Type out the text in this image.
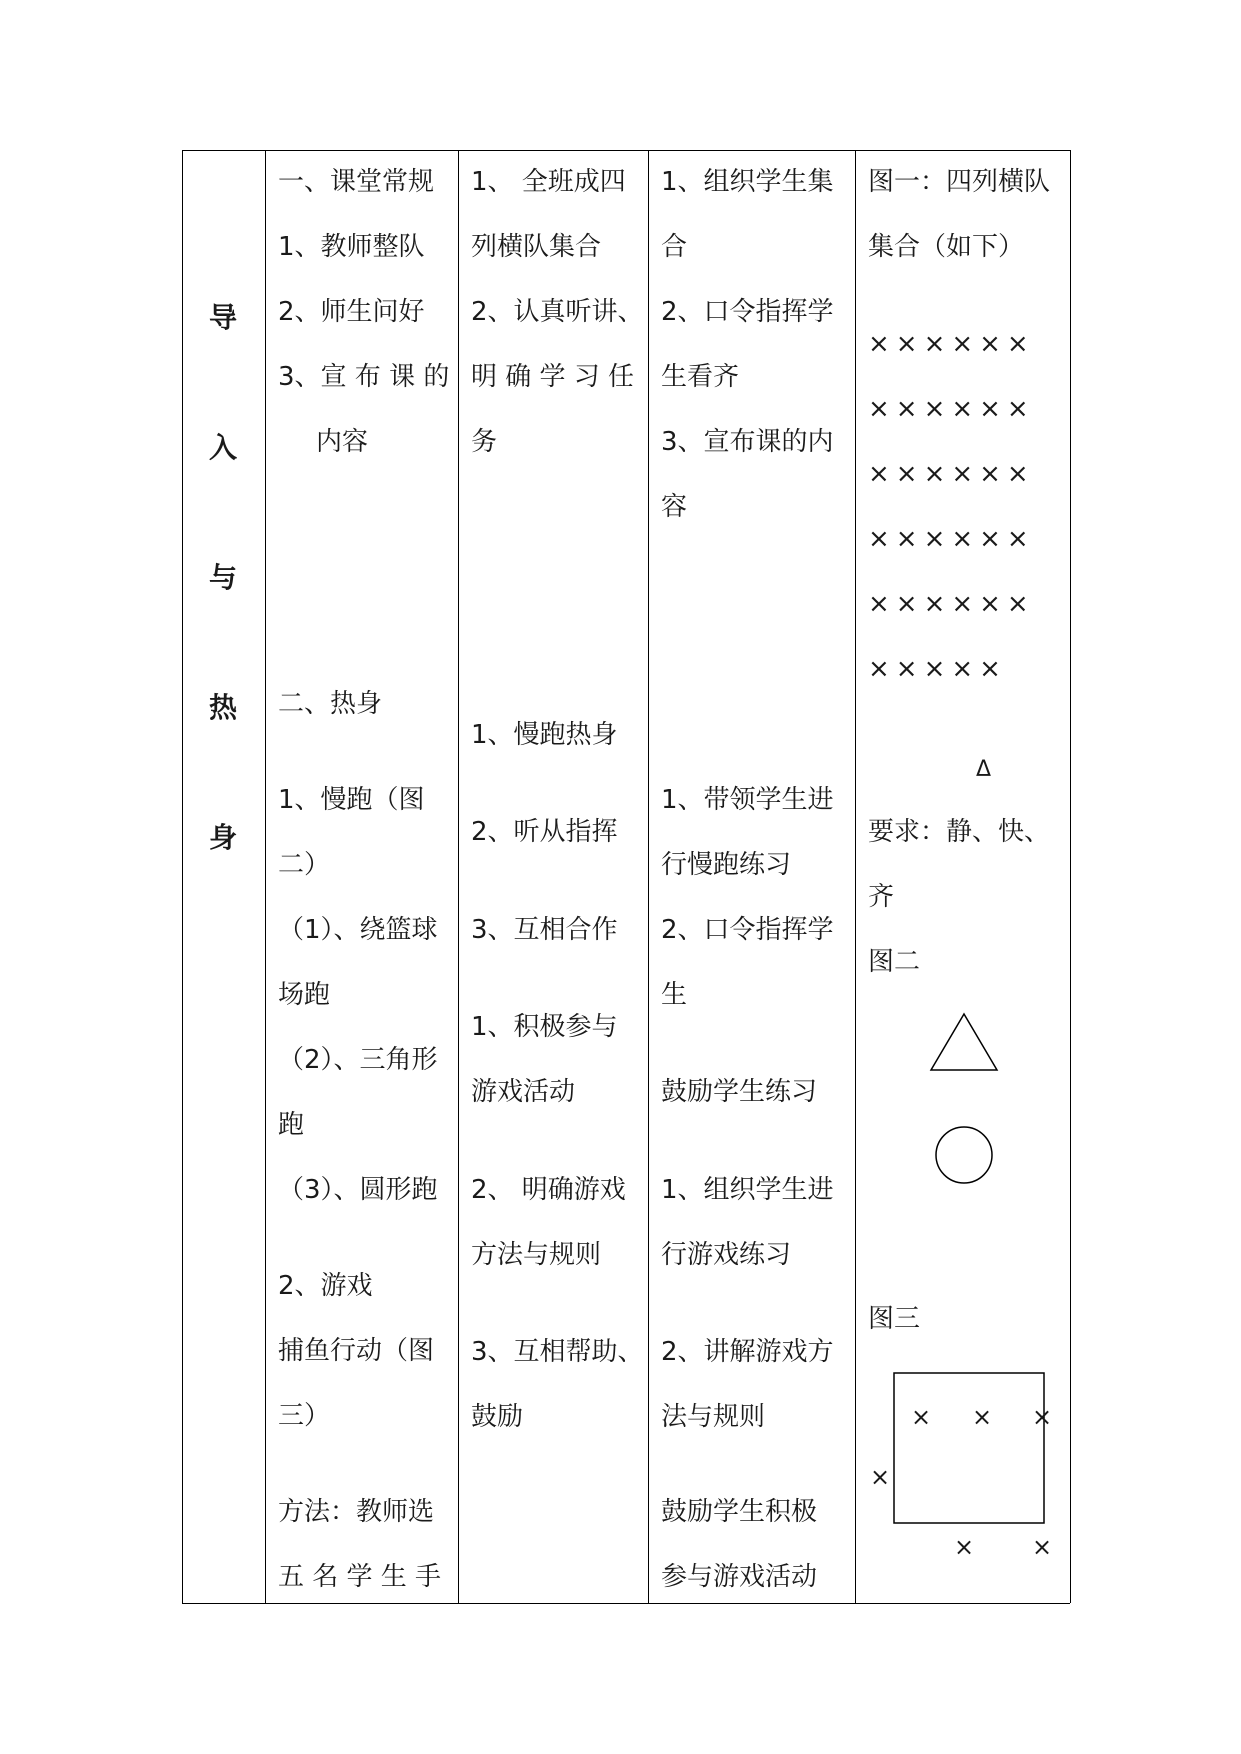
导
入
与
热
身
一、课堂常规
1、教师整队
2、师生问好
3、宣 布 课 的
内容
二、热身
1、慢跑（图
二）
（1）、绕篮球
场跑
（2）、三角形
跑
（3）、圆形跑
2、游戏
捕鱼行动（图
三）
方法：教师选
五 名 学 生 手
1、 全班成四
列横队集合
2、认真听讲、
明 确 学 习 任
务
1、慢跑热身
2、听从指挥
3、互相合作
1、积极参与
游戏活动
2、 明确游戏
方法与规则
3、互相帮助、
鼓励
1、组织学生集
合
2、口令指挥学
生看齐
3、宣布课的内
容
1、带领学生进
行慢跑练习
2、口令指挥学
生
鼓励学生练习
1、组织学生进
行游戏练习
2、讲解游戏方
法与规则
鼓励学生积极
参与游戏活动
图一：四列横队
集合（如下）
××××××
××××××
××××××
××××××
××××××
×××××
Δ
要求：静、快、
齐
图二
图三
× × ×
×
× ×
